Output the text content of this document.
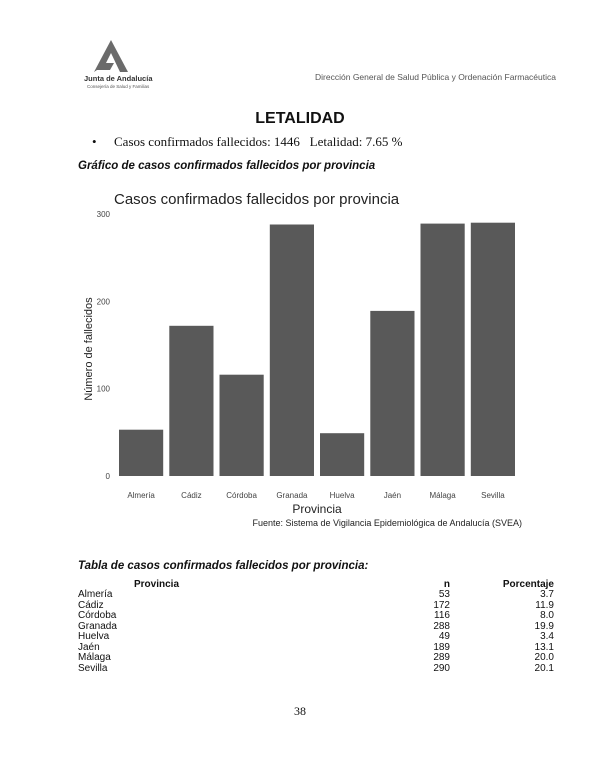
Junta de Andalucía
Consejería de Salud y Familias
Dirección General de Salud Pública y Ordenación Farmacéutica
LETALIDAD
• Casos confirmados fallecidos: 1446   Letalidad: 7.65 %
Gráfico de casos confirmados fallecidos por provincia
Casos confirmados fallecidos por provincia
0
100
200
300
Almería	Cádiz	Córdoba Granada	Huelva	Jaén	Málaga	Sevilla
Provincia
Número de fallecidos
Fuente: Sistema de Vigilancia Epidemiológica de Andalucía (SVEA)
Tabla de casos confirmados fallecidos por provincia:
Provincia	n	Porcentaje
Almería	53	3.7
Cádiz	172	11.9
Córdoba	116	8.0
Granada	288	19.9
Huelva	49	3.4
Jaén	189	13.1
Málaga	289	20.0
Sevilla	290	20.1
38
